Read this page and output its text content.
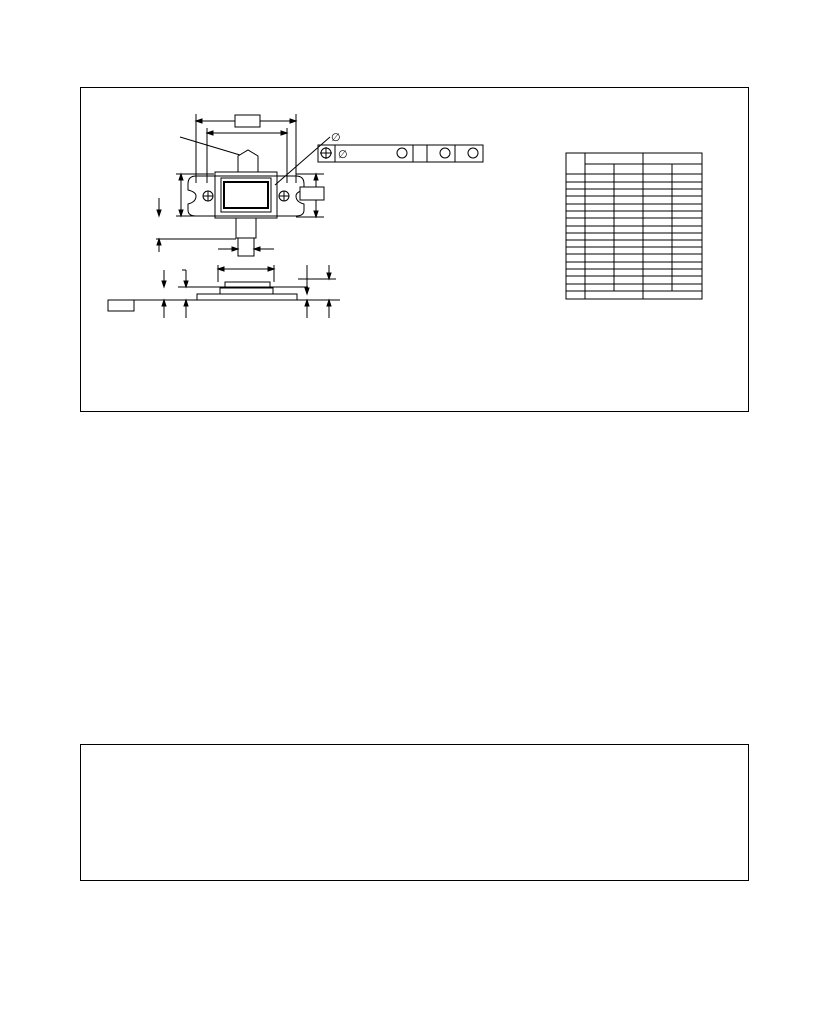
∅
∅
